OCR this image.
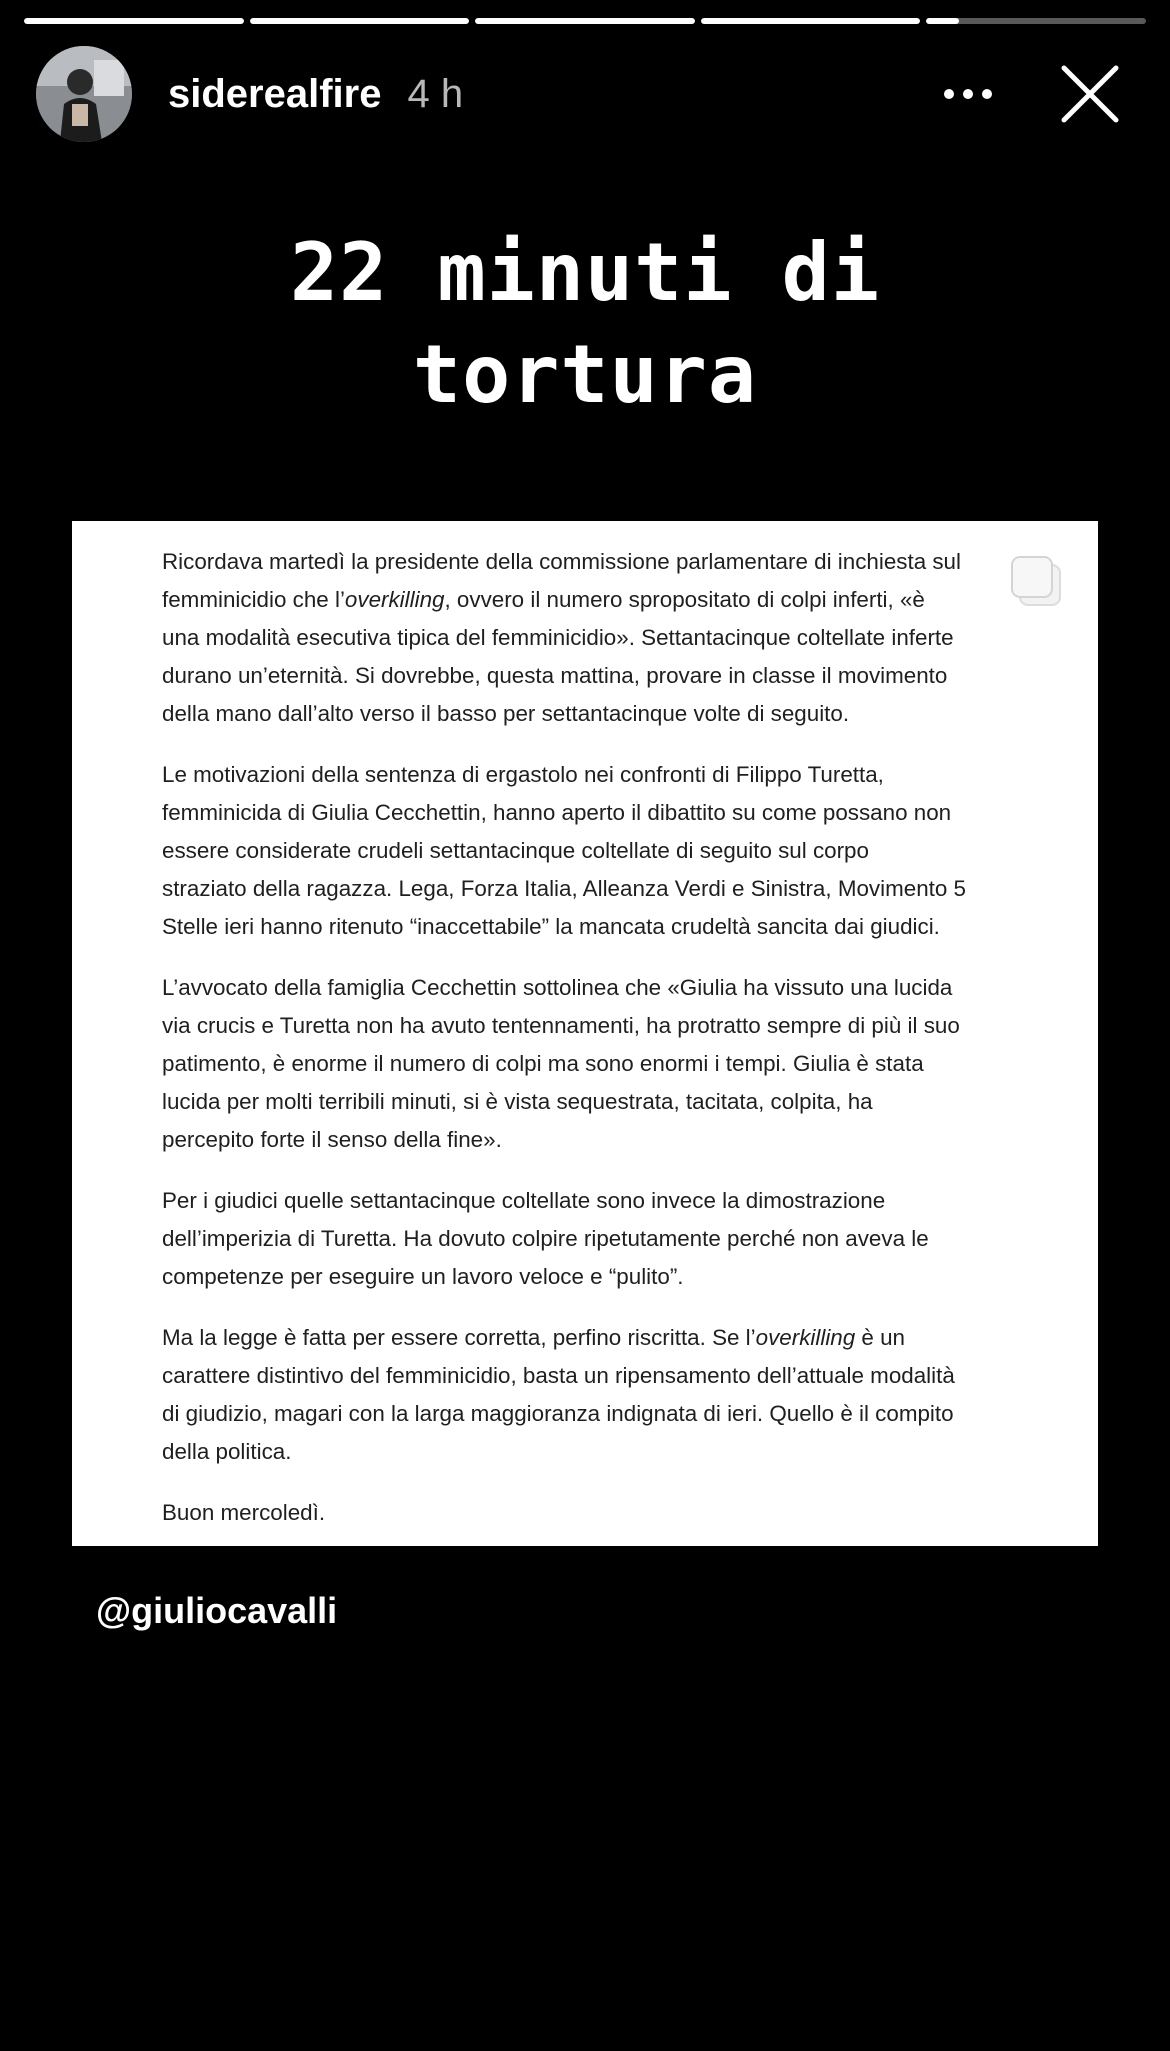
siderealfire 4 h
22 minuti di
tortura

Ricordava martedì la presidente della commissione parlamentare di inchiesta sul
femminicidio che l’overkilling, ovvero il numero spropositato di colpi inferti, «è
una modalità esecutiva tipica del femminicidio». Settantacinque coltellate inferte
durano un’eternità. Si dovrebbe, questa mattina, provare in classe il movimento
della mano dall’alto verso il basso per settantacinque volte di seguito.

Le motivazioni della sentenza di ergastolo nei confronti di Filippo Turetta,
femminicida di Giulia Cecchettin, hanno aperto il dibattito su come possano non
essere considerate crudeli settantacinque coltellate di seguito sul corpo
straziato della ragazza. Lega, Forza Italia, Alleanza Verdi e Sinistra, Movimento 5
Stelle ieri hanno ritenuto “inaccettabile” la mancata crudeltà sancita dai giudici.

L’avvocato della famiglia Cecchettin sottolinea che «Giulia ha vissuto una lucida
via crucis e Turetta non ha avuto tentennamenti, ha protratto sempre di più il suo
patimento, è enorme il numero di colpi ma sono enormi i tempi. Giulia è stata
lucida per molti terribili minuti, si è vista sequestrata, tacitata, colpita, ha
percepito forte il senso della fine».

Per i giudici quelle settantacinque coltellate sono invece la dimostrazione
dell’imperizia di Turetta. Ha dovuto colpire ripetutamente perché non aveva le
competenze per eseguire un lavoro veloce e “pulito”.

Ma la legge è fatta per essere corretta, perfino riscritta. Se l’overkilling è un
carattere distintivo del femminicidio, basta un ripensamento dell’attuale modalità
di giudizio, magari con la larga maggioranza indignata di ieri. Quello è il compito
della politica.

Buon mercoledì.

@giuliocavalli
